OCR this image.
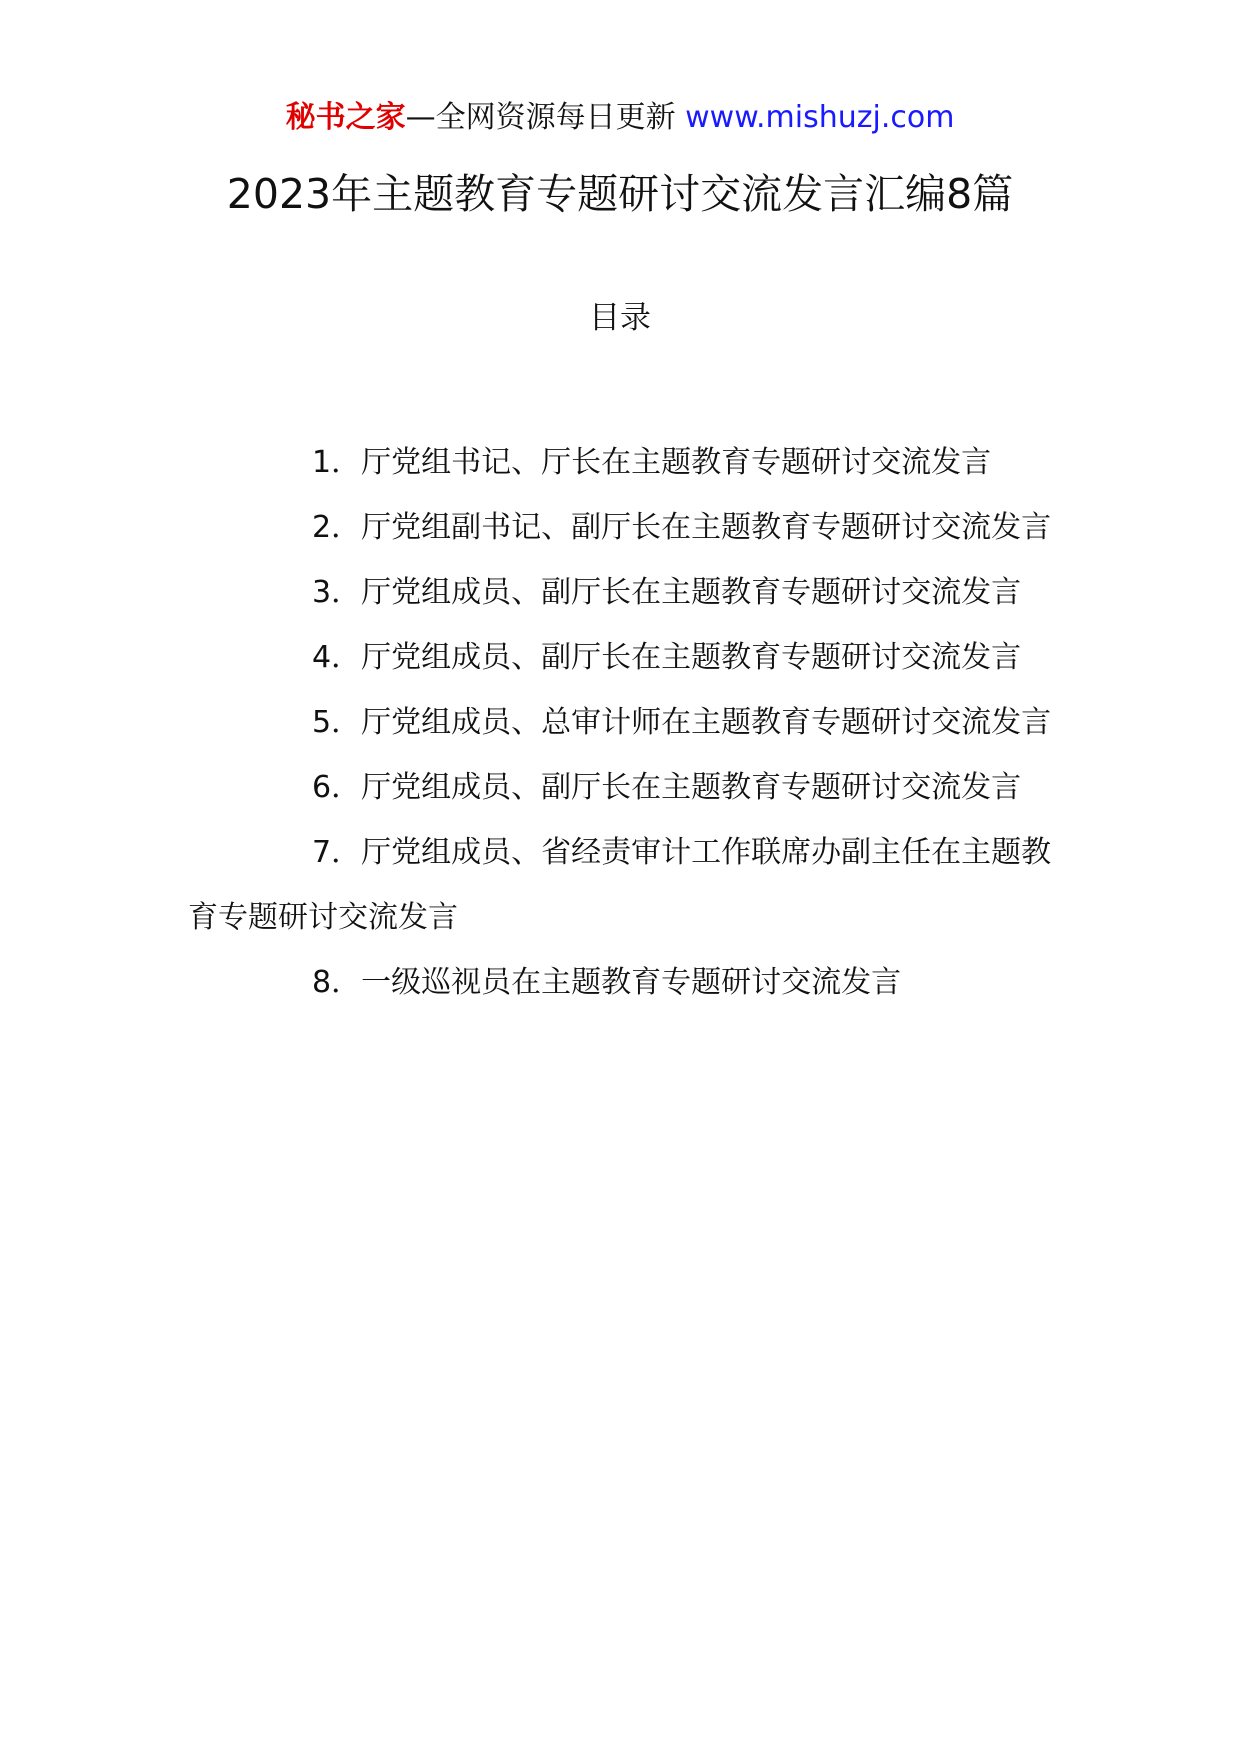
秘书之家—全网资源每日更新 www.mishuzj.com
2023年主题教育专题研讨交流发言汇编8篇
目录
1．厅党组书记、厅长在主题教育专题研讨交流发言
2．厅党组副书记、副厅长在主题教育专题研讨交流发言
3．厅党组成员、副厅长在主题教育专题研讨交流发言
4．厅党组成员、副厅长在主题教育专题研讨交流发言
5．厅党组成员、总审计师在主题教育专题研讨交流发言
6．厅党组成员、副厅长在主题教育专题研讨交流发言
7．厅党组成员、省经责审计工作联席办副主任在主题教育专题研讨交流发言
8．一级巡视员在主题教育专题研讨交流发言
